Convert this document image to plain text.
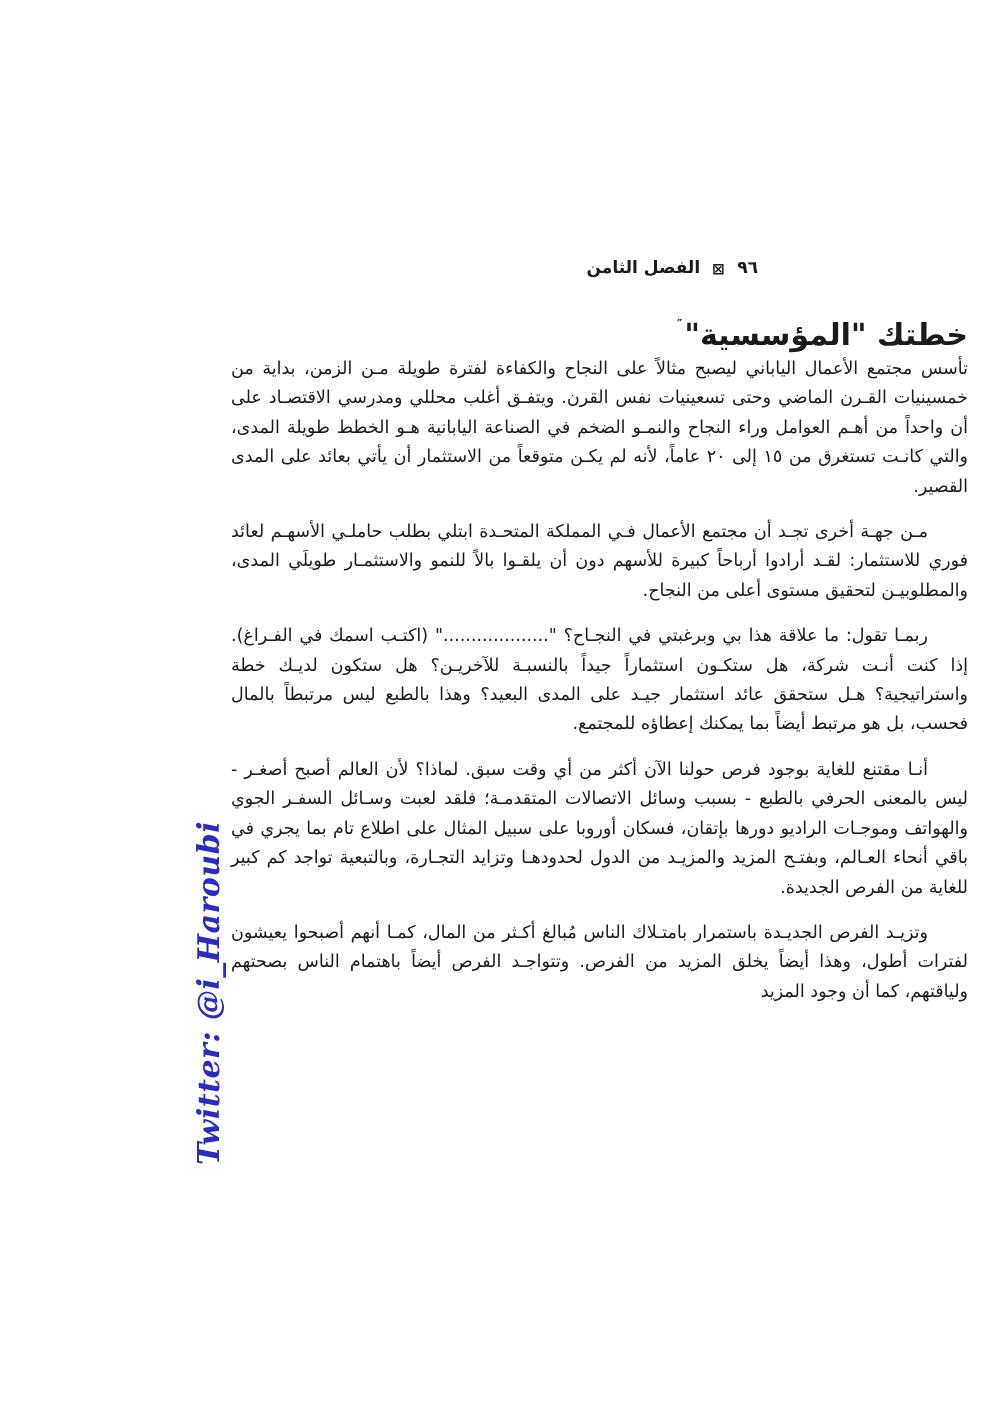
٩٦
⊠
الفصل الثامن
خطتك "المؤسسية"″

تأسس مجتمع الأعمال الياباني ليصبح مثالاً على النجاح والكفاءة لفترة طويلة مـن الزمن، بداية من خمسينيات القـرن الماضي وحتى تسعينيات نفس القرن. ويتفـق أغلب محللي ومدرسي الاقتصـاد على أن واحداً من أهـم العوامل وراء النجاح والنمـو الضخم في الصناعة اليابانية هـو الخطط طويلة المدى، والتي كانـت تستغرق من ١٥ إلى ٢٠ عاماً، لأنه لم يكـن متوقعاً من الاستثمار أن يأتي بعائد على المدى القصير.

مـن جهـة أخرى تجـد أن مجتمع الأعمال فـي المملكة المتحـدة ابتلي بطلب حاملـي الأسهـم لعائد فوري للاستثمار: لقـد أرادوا أرباحاً كبيرة للأسهم دون أن يلقـوا بالاً للنمو والاستثمـار طويلَي المدى، والمطلوبيـن لتحقيق مستوى أعلى من النجاح.

ربمـا تقول: ما علاقة هذا بي وبرغبتي في النجـاح؟ "..................." (اكتـب اسمك في الفـراغ). إذا كنت أنـت شركة، هل ستكـون استثماراً جيداً بالنسبـة للآخريـن؟ هل ستكون لديـك خطة واستراتيجية؟ هـل ستحقق عائد استثمار جيـد على المدى البعيد؟ وهذا بالطبع ليس مرتبطاً بالمال فحسب، بل هو مرتبط أيضاً بما يمكنك إعطاؤه للمجتمع.

أنـا مقتنع للغاية بوجود فرص حولنا الآن أكثر من أي وقت سبق. لماذا؟ لأن العالم أصبح أصغـر - ليس بالمعنى الحرفي بالطبع - بسبب وسائل الاتصالات المتقدمـة؛ فلقد لعبت وسـائل السفـر الجوي والهواتف وموجـات الراديو دورها بإتقان، فسكان أوروبا على سبيل المثال على اطلاع تام بما يجري في باقي أنحاء العـالم، وبفتـح المزيد والمزيـد من الدول لحدودهـا وتزايد التجـارة، وبالتبعية تواجد كم كبير للغاية من الفرص الجديدة.

وتزيـد الفرص الجديـدة باستمرار بامتـلاك الناس مُبالغ أكـثر من المال، كمـا أنهم أصبحوا يعيشون لفترات أطول، وهذا أيضاً يخلق المزيد من الفرص. وتتواجـد الفرص أيضاً باهتمام الناس بصحتهم ولياقتهم، كما أن وجود المزيد

Twitter: @i_Haroubi
